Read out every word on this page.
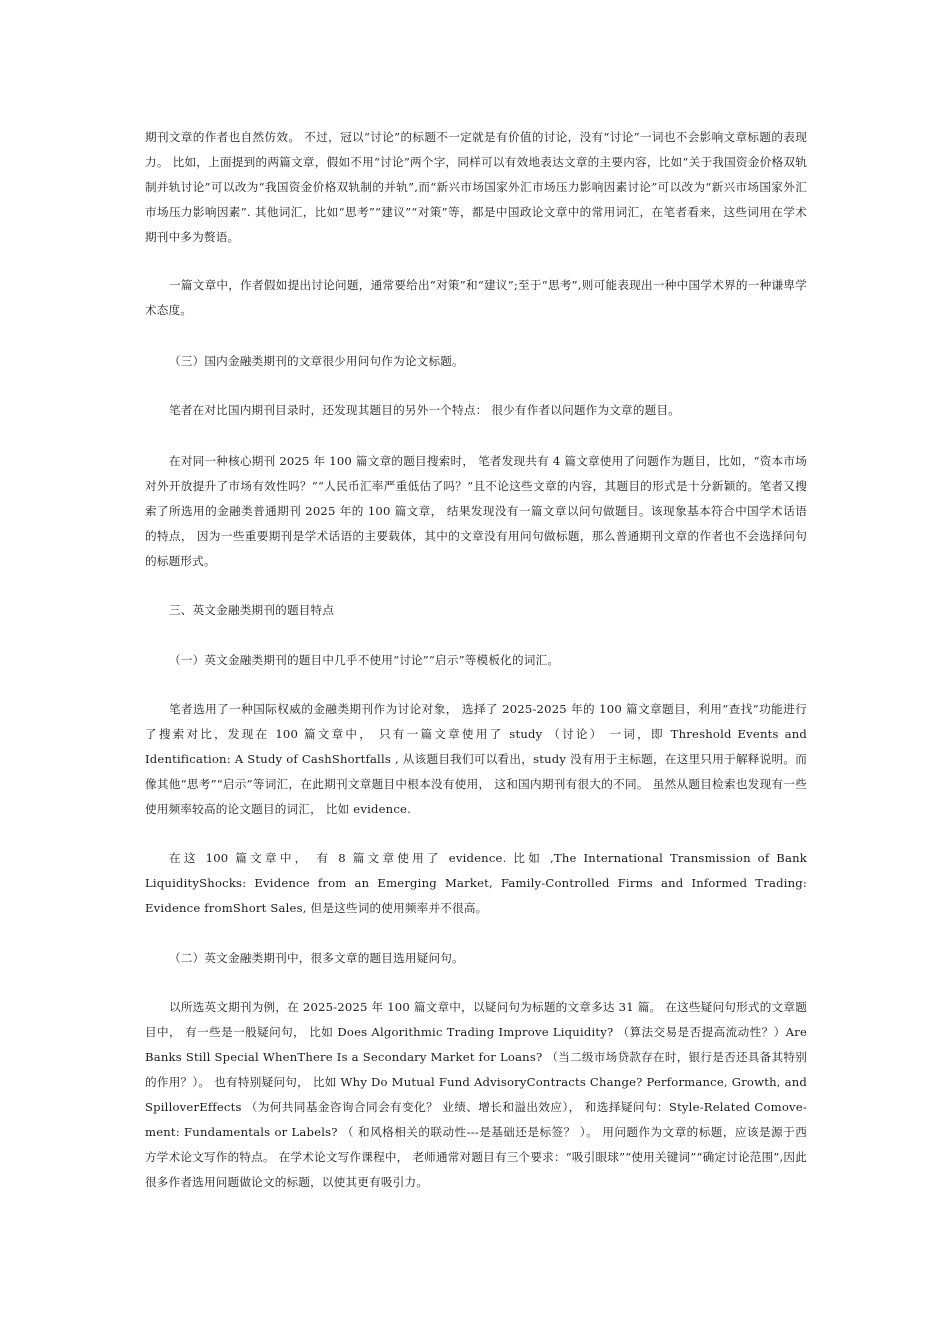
期刊文章的作者也自然仿效。 不过，冠以“讨论”的标题不一定就是有价值的讨论，没有“讨论”一词也不会影响文章标题的表现力。 比如，上面提到的两篇文章，假如不用“讨论”两个字，同样可以有效地表达文章的主要内容，比如“关于我国资金价格双轨制并轨讨论”可以改为“我国资金价格双轨制的并轨”,而“新兴市场国家外汇市场压力影响因素讨论”可以改为“新兴市场国家外汇市场压力影响因素”. 其他词汇，比如“思考”“建议”“对策”等，都是中国政论文章中的常用词汇，在笔者看来，这些词用在学术期刊中多为赘语。

一篇文章中，作者假如提出讨论问题，通常要给出“对策”和“建议”;至于“思考”,则可能表现出一种中国学术界的一种谦卑学术态度。

（三）国内金融类期刊的文章很少用问句作为论文标题。

笔者在对比国内期刊目录时，还发现其题目的另外一个特点： 很少有作者以问题作为文章的题目。

在对同一种核心期刊 2025 年 100 篇文章的题目搜索时， 笔者发现共有 4 篇文章使用了问题作为题目，比如，“资本市场对外开放提升了市场有效性吗？”“人民币汇率严重低估了吗？”且不论这些文章的内容，其题目的形式是十分新颖的。笔者又搜索了所选用的金融类普通期刊 2025 年的 100 篇文章， 结果发现没有一篇文章以问句做题目。该现象基本符合中国学术话语的特点， 因为一些重要期刊是学术话语的主要载体，其中的文章没有用问句做标题，那么普通期刊文章的作者也不会选择问句的标题形式。

三、英文金融类期刊的题目特点

（一）英文金融类期刊的题目中几乎不使用“讨论”“启示”等模板化的词汇。

笔者选用了一种国际权威的金融类期刊作为讨论对象， 选择了 2025-2025 年的 100 篇文章题目，利用“查找”功能进行了搜索对比，发现在 100 篇文章中， 只有一篇文章使用了 study （讨论） 一词，即 Threshold Events and Identification: A Study of CashShortfalls , 从该题目我们可以看出，study 没有用于主标题，在这里只用于解释说明。而像其他“思考”“启示”等词汇，在此期刊文章题目中根本没有使用， 这和国内期刊有很大的不同。 虽然从题目检索也发现有一些使用频率较高的论文题目的词汇， 比如 evidence.

在这 100 篇文章中， 有 8 篇文章使用了 evidence. 比如 ,The International Transmission of Bank LiquidityShocks: Evidence from an Emerging Market, Family-Controlled Firms and Informed Trading: Evidence fromShort Sales, 但是这些词的使用频率并不很高。

（二）英文金融类期刊中，很多文章的题目选用疑问句。

以所选英文期刊为例，在 2025-2025 年 100 篇文章中，以疑问句为标题的文章多达 31 篇。 在这些疑问句形式的文章题目中， 有一些是一般疑问句， 比如 Does Algorithmic Trading Improve Liquidity? （算法交易是否提高流动性？）Are Banks Still Special WhenThere Is a Secondary Market for Loans? （当二级市场贷款存在时，银行是否还具备其特别的作用？）。 也有特别疑问句， 比如 Why Do Mutual Fund AdvisoryContracts Change? Performance, Growth, and SpilloverEffects （为何共同基金咨询合同会有变化？ 业绩、增长和溢出效应）， 和选择疑问句：Style-Related Comove-ment: Fundamentals or Labels? （ 和风格相关的联动性---是基础还是标签？ ）。 用问题作为文章的标题，应该是源于西方学术论文写作的特点。 在学术论文写作课程中， 老师通常对题目有三个要求：“吸引眼球”“使用关键词”“确定讨论范围”,因此很多作者选用问题做论文的标题，以使其更有吸引力。
